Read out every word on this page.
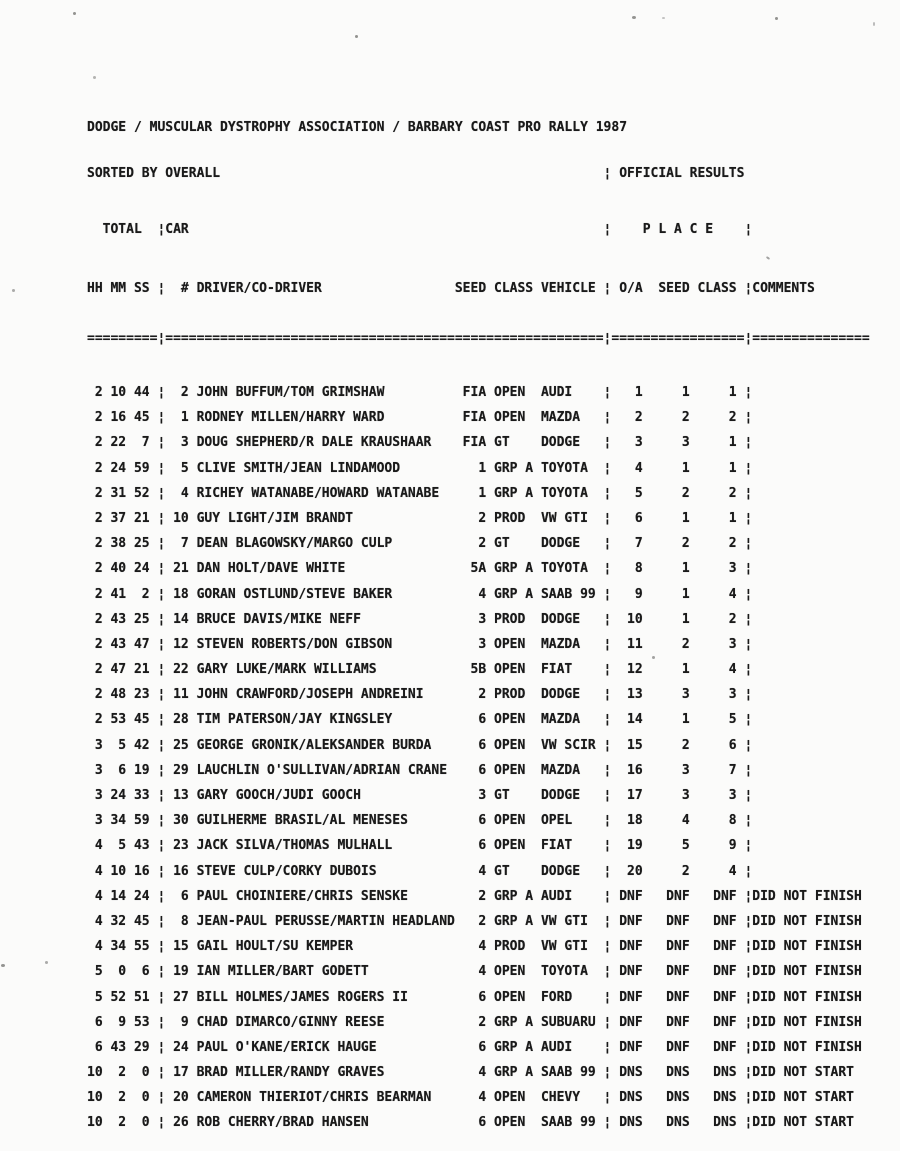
DODGE / MUSCULAR DYSTROPHY ASSOCIATION / BARBARY COAST PRO RALLY 1987

SORTED BY OVERALL                                                 ¦ OFFICIAL RESULTS

TOTAL  ¦CAR                                                     ¦    P L A C E    ¦

HH MM SS ¦  # DRIVER/CO-DRIVER                 SEED CLASS VEHICLE ¦ O/A  SEED CLASS ¦COMMENTS

=========¦========================================================¦=================¦===============

2 10 44 ¦  2 JOHN BUFFUM/TOM GRIMSHAW          FIA OPEN  AUDI    ¦   1     1     1 ¦
2 16 45 ¦  1 RODNEY MILLEN/HARRY WARD          FIA OPEN  MAZDA   ¦   2     2     2 ¦
2 22  7 ¦  3 DOUG SHEPHERD/R DALE KRAUSHAAR    FIA GT    DODGE   ¦   3     3     1 ¦
2 24 59 ¦  5 CLIVE SMITH/JEAN LINDAMOOD          1 GRP A TOYOTA  ¦   4     1     1 ¦
2 31 52 ¦  4 RICHEY WATANABE/HOWARD WATANABE     1 GRP A TOYOTA  ¦   5     2     2 ¦
2 37 21 ¦ 10 GUY LIGHT/JIM BRANDT                2 PROD  VW GTI  ¦   6     1     1 ¦
2 38 25 ¦  7 DEAN BLAGOWSKY/MARGO CULP           2 GT    DODGE   ¦   7     2     2 ¦
2 40 24 ¦ 21 DAN HOLT/DAVE WHITE                5A GRP A TOYOTA  ¦   8     1     3 ¦
2 41  2 ¦ 18 GORAN OSTLUND/STEVE BAKER           4 GRP A SAAB 99 ¦   9     1     4 ¦
2 43 25 ¦ 14 BRUCE DAVIS/MIKE NEFF               3 PROD  DODGE   ¦  10     1     2 ¦
2 43 47 ¦ 12 STEVEN ROBERTS/DON GIBSON           3 OPEN  MAZDA   ¦  11     2     3 ¦
2 47 21 ¦ 22 GARY LUKE/MARK WILLIAMS            5B OPEN  FIAT    ¦  12     1     4 ¦
2 48 23 ¦ 11 JOHN CRAWFORD/JOSEPH ANDREINI       2 PROD  DODGE   ¦  13     3     3 ¦
2 53 45 ¦ 28 TIM PATERSON/JAY KINGSLEY           6 OPEN  MAZDA   ¦  14     1     5 ¦
3  5 42 ¦ 25 GEORGE GRONIK/ALEKSANDER BURDA      6 OPEN  VW SCIR ¦  15     2     6 ¦
3  6 19 ¦ 29 LAUCHLIN O'SULLIVAN/ADRIAN CRANE    6 OPEN  MAZDA   ¦  16     3     7 ¦
3 24 33 ¦ 13 GARY GOOCH/JUDI GOOCH               3 GT    DODGE   ¦  17     3     3 ¦
3 34 59 ¦ 30 GUILHERME BRASIL/AL MENESES         6 OPEN  OPEL    ¦  18     4     8 ¦
4  5 43 ¦ 23 JACK SILVA/THOMAS MULHALL           6 OPEN  FIAT    ¦  19     5     9 ¦
4 10 16 ¦ 16 STEVE CULP/CORKY DUBOIS             4 GT    DODGE   ¦  20     2     4 ¦
4 14 24 ¦  6 PAUL CHOINIERE/CHRIS SENSKE         2 GRP A AUDI    ¦ DNF   DNF   DNF ¦DID NOT FINISH
4 32 45 ¦  8 JEAN-PAUL PERUSSE/MARTIN HEADLAND   2 GRP A VW GTI  ¦ DNF   DNF   DNF ¦DID NOT FINISH
4 34 55 ¦ 15 GAIL HOULT/SU KEMPER                4 PROD  VW GTI  ¦ DNF   DNF   DNF ¦DID NOT FINISH
5  0  6 ¦ 19 IAN MILLER/BART GODETT              4 OPEN  TOYOTA  ¦ DNF   DNF   DNF ¦DID NOT FINISH
5 52 51 ¦ 27 BILL HOLMES/JAMES ROGERS II         6 OPEN  FORD    ¦ DNF   DNF   DNF ¦DID NOT FINISH
6  9 53 ¦  9 CHAD DIMARCO/GINNY REESE            2 GRP A SUBUARU ¦ DNF   DNF   DNF ¦DID NOT FINISH
6 43 29 ¦ 24 PAUL O'KANE/ERICK HAUGE             6 GRP A AUDI    ¦ DNF   DNF   DNF ¦DID NOT FINISH
10  2  0 ¦ 17 BRAD MILLER/RANDY GRAVES            4 GRP A SAAB 99 ¦ DNS   DNS   DNS ¦DID NOT START
10  2  0 ¦ 20 CAMERON THIERIOT/CHRIS BEARMAN      4 OPEN  CHEVY   ¦ DNS   DNS   DNS ¦DID NOT START
10  2  0 ¦ 26 ROB CHERRY/BRAD HANSEN              6 OPEN  SAAB 99 ¦ DNS   DNS   DNS ¦DID NOT START
